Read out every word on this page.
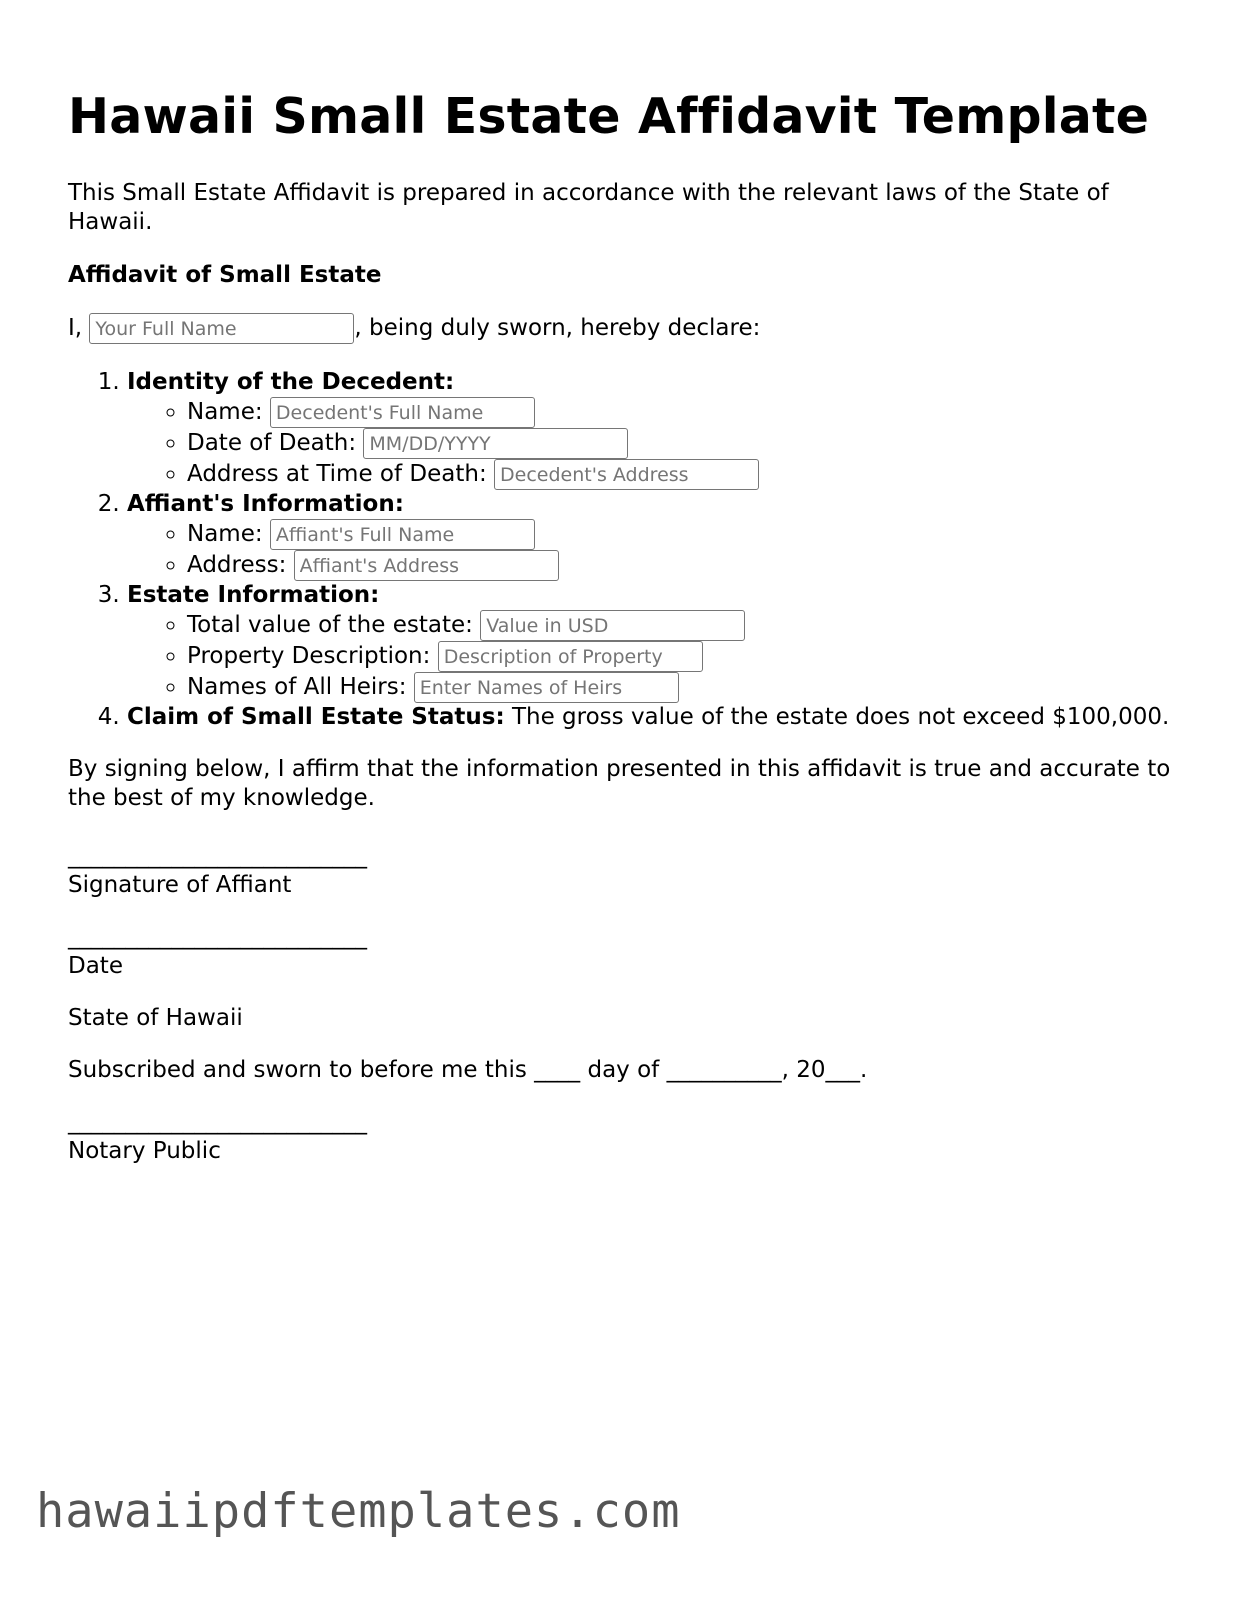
Hawaii Small Estate Affidavit Template

This Small Estate Affidavit is prepared in accordance with the relevant laws of the State of Hawaii.

Affidavit of Small Estate

I, Your Full Name	, being duly sworn, hereby declare:

1. Identity of the Decedent:
◦ Name: Decedent's Full Name
◦ Date of Death: MM/DD/YYYY
◦ Address at Time of Death: Decedent's Address
2. Affiant's Information:
◦ Name: Affiant's Full Name
◦ Address: Affiant's Address
3. Estate Information:
◦ Total value of the estate: Value in USD
◦ Property Description: Description of Property
◦ Names of All Heirs: Enter Names of Heirs
4. Claim of Small Estate Status: The gross value of the estate does not exceed $100,000.

By signing below, I affirm that the information presented in this affidavit is true and accurate to the best of my knowledge.

__________________________
Signature of Affiant

__________________________
Date

State of Hawaii

Subscribed and sworn to before me this ____ day of __________, 20___.

__________________________
Notary Public

hawaiipdftemplates.com
